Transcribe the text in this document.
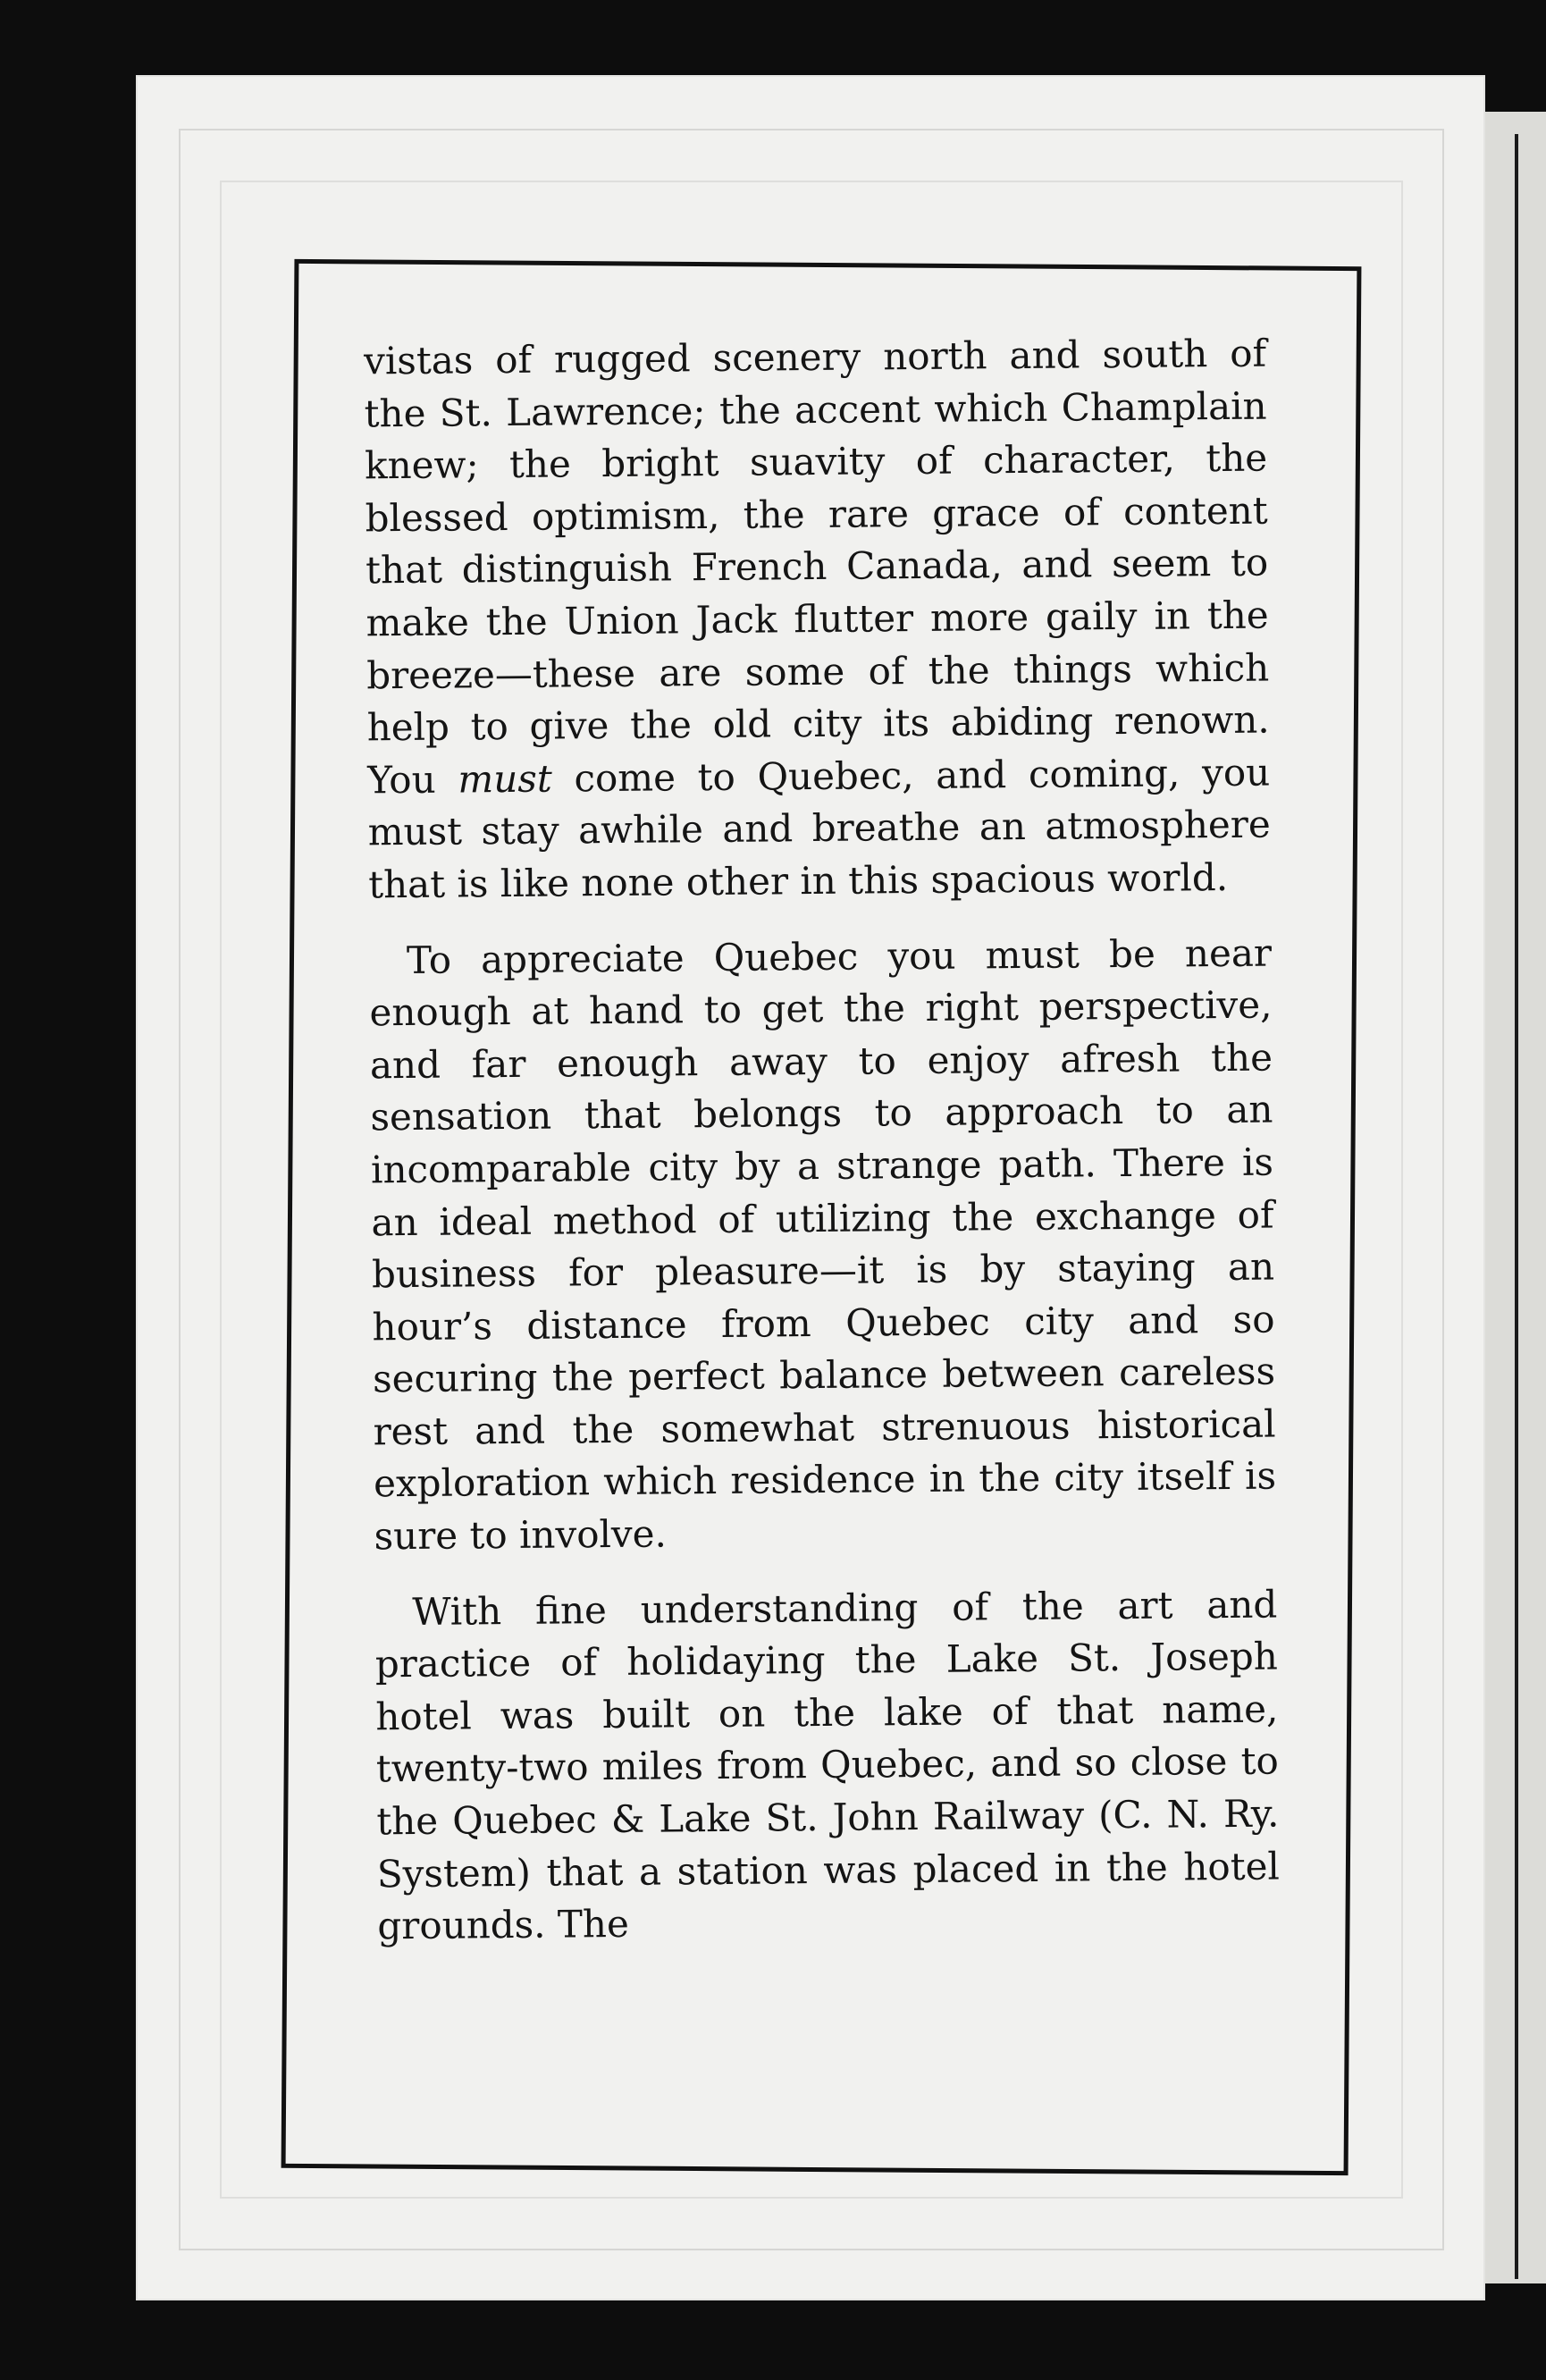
vistas of rugged scenery north and south of the St. Lawrence; the accent which Champlain knew; the bright suavity of character, the blessed optimism, the rare grace of content that distinguish French Canada, and seem to make the Union Jack flutter more gaily in the breeze—these are some of the things which help to give the old city its abiding renown. You must come to Quebec, and coming, you must stay awhile and breathe an atmosphere that is like none other in this spacious world.

To appreciate Quebec you must be near enough at hand to get the right perspective, and far enough away to enjoy afresh the sensation that belongs to approach to an incomparable city by a strange path. There is an ideal method of utilizing the exchange of business for pleasure—it is by staying an hour’s distance from Quebec city and so securing the perfect balance between careless rest and the somewhat strenuous historical exploration which residence in the city itself is sure to involve.

With fine understanding of the art and practice of holidaying the Lake St. Joseph hotel was built on the lake of that name, twenty-two miles from Quebec, and so close to the Quebec & Lake St. John Railway (C. N. Ry. System) that a station was placed in the hotel grounds. The
